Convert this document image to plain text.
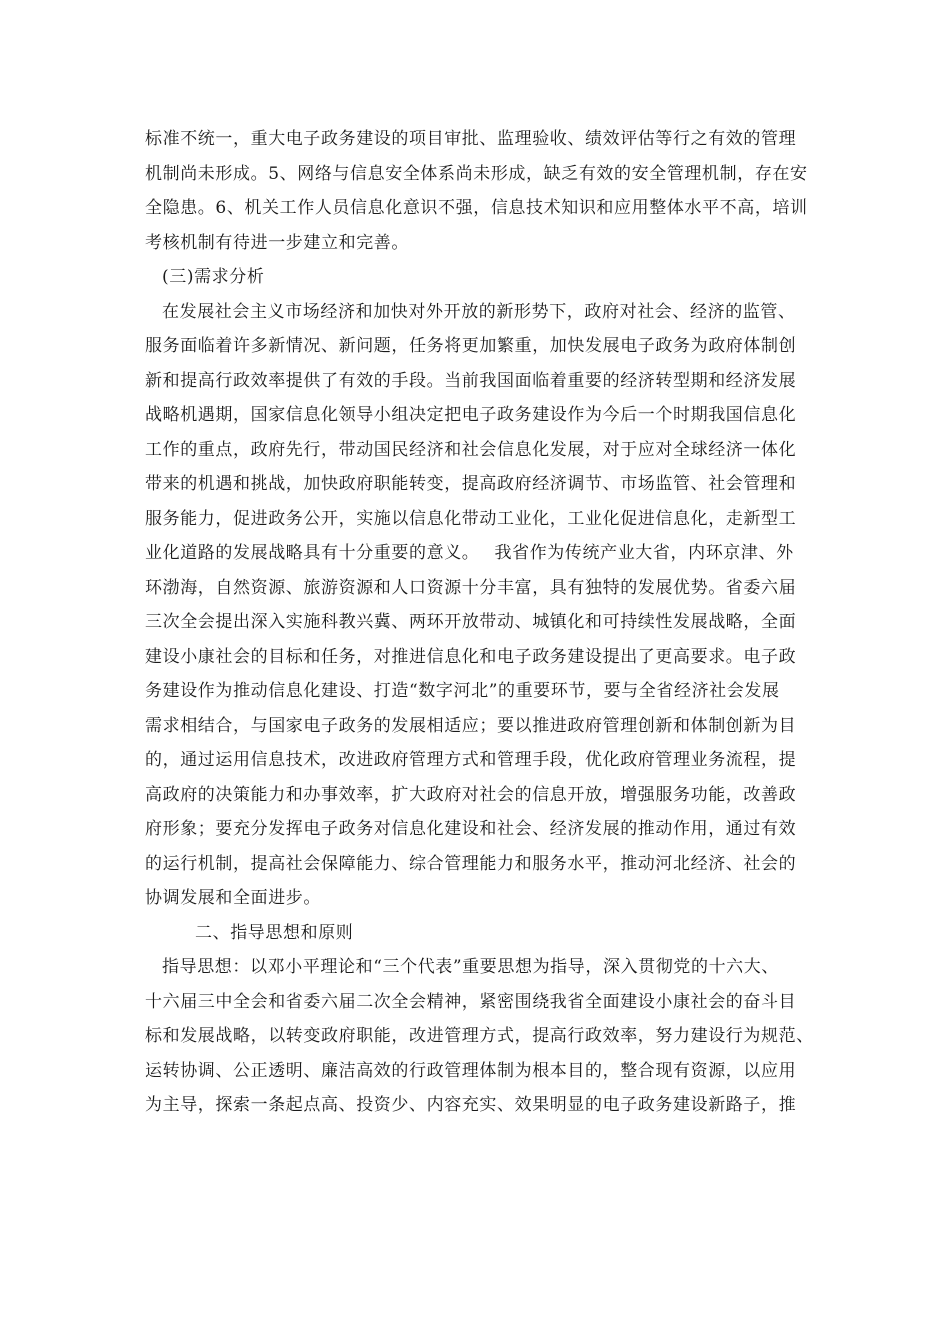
标准不统一，重大电子政务建设的项目审批、监理验收、绩效评估等行之有效的管理
机制尚未形成。5、网络与信息安全体系尚未形成，缺乏有效的安全管理机制，存在安
全隐患。6、机关工作人员信息化意识不强，信息技术知识和应用整体水平不高，培训
考核机制有待进一步建立和完善。
(三)需求分析
在发展社会主义市场经济和加快对外开放的新形势下，政府对社会、经济的监管、
服务面临着许多新情况、新问题，任务将更加繁重，加快发展电子政务为政府体制创
新和提高行政效率提供了有效的手段。当前我国面临着重要的经济转型期和经济发展
战略机遇期，国家信息化领导小组决定把电子政务建设作为今后一个时期我国信息化
工作的重点，政府先行，带动国民经济和社会信息化发展，对于应对全球经济一体化
带来的机遇和挑战，加快政府职能转变，提高政府经济调节、市场监管、社会管理和
服务能力，促进政务公开，实施以信息化带动工业化，工业化促进信息化，走新型工
业化道路的发展战略具有十分重要的意义。　 我省作为传统产业大省，内环京津、外
环渤海，自然资源、旅游资源和人口资源十分丰富，具有独特的发展优势。省委六届
三次全会提出深入实施科教兴冀、两环开放带动、城镇化和可持续性发展战略，全面
建设小康社会的目标和任务，对推进信息化和电子政务建设提出了更高要求。电子政
务建设作为推动信息化建设、打造“数字河北”的重要环节，要与全省经济社会发展
需求相结合，与国家电子政务的发展相适应；要以推进政府管理创新和体制创新为目
的，通过运用信息技术，改进政府管理方式和管理手段，优化政府管理业务流程，提
高政府的决策能力和办事效率，扩大政府对社会的信息开放，增强服务功能，改善政
府形象；要充分发挥电子政务对信息化建设和社会、经济发展的推动作用，通过有效
的运行机制，提高社会保障能力、综合管理能力和服务水平，推动河北经济、社会的
协调发展和全面进步。
二、指导思想和原则
指导思想：以邓小平理论和“三个代表”重要思想为指导，深入贯彻党的十六大、
十六届三中全会和省委六届二次全会精神，紧密围绕我省全面建设小康社会的奋斗目
标和发展战略，以转变政府职能，改进管理方式，提高行政效率，努力建设行为规范、
运转协调、公正透明、廉洁高效的行政管理体制为根本目的，整合现有资源，以应用
为主导，探索一条起点高、投资少、内容充实、效果明显的电子政务建设新路子，推
